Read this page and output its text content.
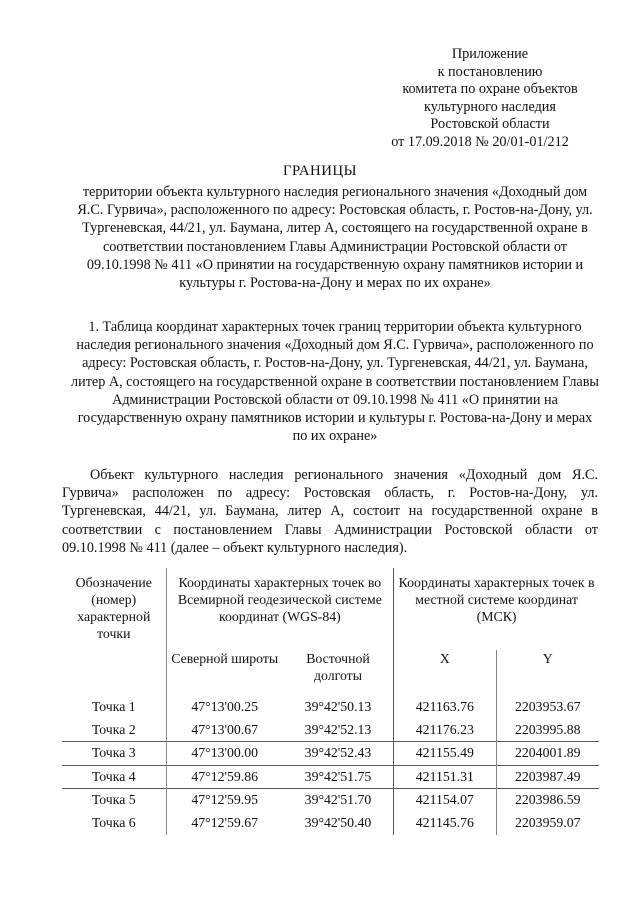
Приложение
к постановлению
комитета по охране объектов
культурного наследия
Ростовской области
от 17.09.2018 № 20/01-01/212
ГРАНИЦЫ
территории объекта культурного наследия регионального значения «Доходный дом Я.С. Гурвича», расположенного по адресу: Ростовская область, г. Ростов-на-Дону, ул. Тургеневская, 44/21, ул. Баумана, литер А, состоящего на государственной охране в соответствии постановлением Главы Администрации Ростовской области от 09.10.1998 № 411 «О принятии на государственную охрану памятников истории и культуры г. Ростова-на-Дону и мерах по их охране»
1. Таблица координат характерных точек границ территории объекта культурного наследия регионального значения «Доходный дом Я.С. Гурвича», расположенного по адресу: Ростовская область, г. Ростов-на-Дону, ул. Тургеневская, 44/21, ул. Баумана, литер А, состоящего на государственной охране в соответствии постановлением Главы Администрации Ростовской области от 09.10.1998 № 411 «О принятии на государственную охрану памятников истории и культуры г. Ростова-на-Дону и мерах по их охране»
Объект культурного наследия регионального значения «Доходный дом Я.С. Гурвича» расположен по адресу: Ростовская область, г. Ростов-на-Дону, ул. Тургеневская, 44/21, ул. Баумана, литер А, состоит на государственной охране в соответствии с постановлением Главы Администрации Ростовской области от 09.10.1998 № 411 (далее – объект культурного наследия).
Обозначение (номер) характерной точки	Координаты характерных точек во Всемирной геодезической системе координат (WGS-84)		Координаты характерных точек в местной системе координат (МСК)	
	Северной широты	Восточной долготы	X	Y
Точка 1	47°13'00.25	39°42'50.13	421163.76	2203953.67
Точка 2	47°13'00.67	39°42'52.13	421176.23	2203995.88
Точка 3	47°13'00.00	39°42'52.43	421155.49	2204001.89
Точка 4	47°12'59.86	39°42'51.75	421151.31	2203987.49
Точка 5	47°12'59.95	39°42'51.70	421154.07	2203986.59
Точка 6	47°12'59.67	39°42'50.40	421145.76	2203959.07
